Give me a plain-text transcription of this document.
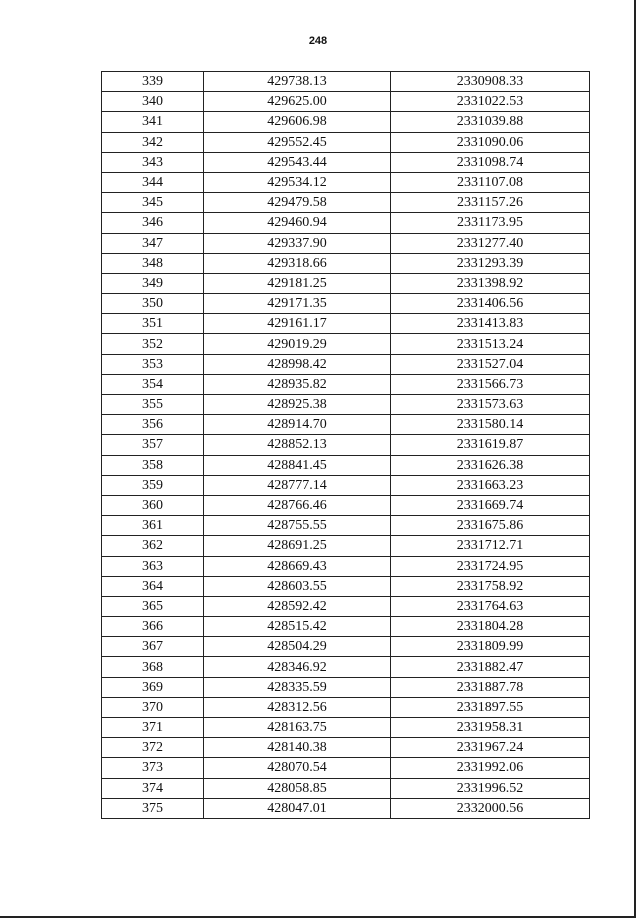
248
339	429738.13	2330908.33
340	429625.00	2331022.53
341	429606.98	2331039.88
342	429552.45	2331090.06
343	429543.44	2331098.74
344	429534.12	2331107.08
345	429479.58	2331157.26
346	429460.94	2331173.95
347	429337.90	2331277.40
348	429318.66	2331293.39
349	429181.25	2331398.92
350	429171.35	2331406.56
351	429161.17	2331413.83
352	429019.29	2331513.24
353	428998.42	2331527.04
354	428935.82	2331566.73
355	428925.38	2331573.63
356	428914.70	2331580.14
357	428852.13	2331619.87
358	428841.45	2331626.38
359	428777.14	2331663.23
360	428766.46	2331669.74
361	428755.55	2331675.86
362	428691.25	2331712.71
363	428669.43	2331724.95
364	428603.55	2331758.92
365	428592.42	2331764.63
366	428515.42	2331804.28
367	428504.29	2331809.99
368	428346.92	2331882.47
369	428335.59	2331887.78
370	428312.56	2331897.55
371	428163.75	2331958.31
372	428140.38	2331967.24
373	428070.54	2331992.06
374	428058.85	2331996.52
375	428047.01	2332000.56
